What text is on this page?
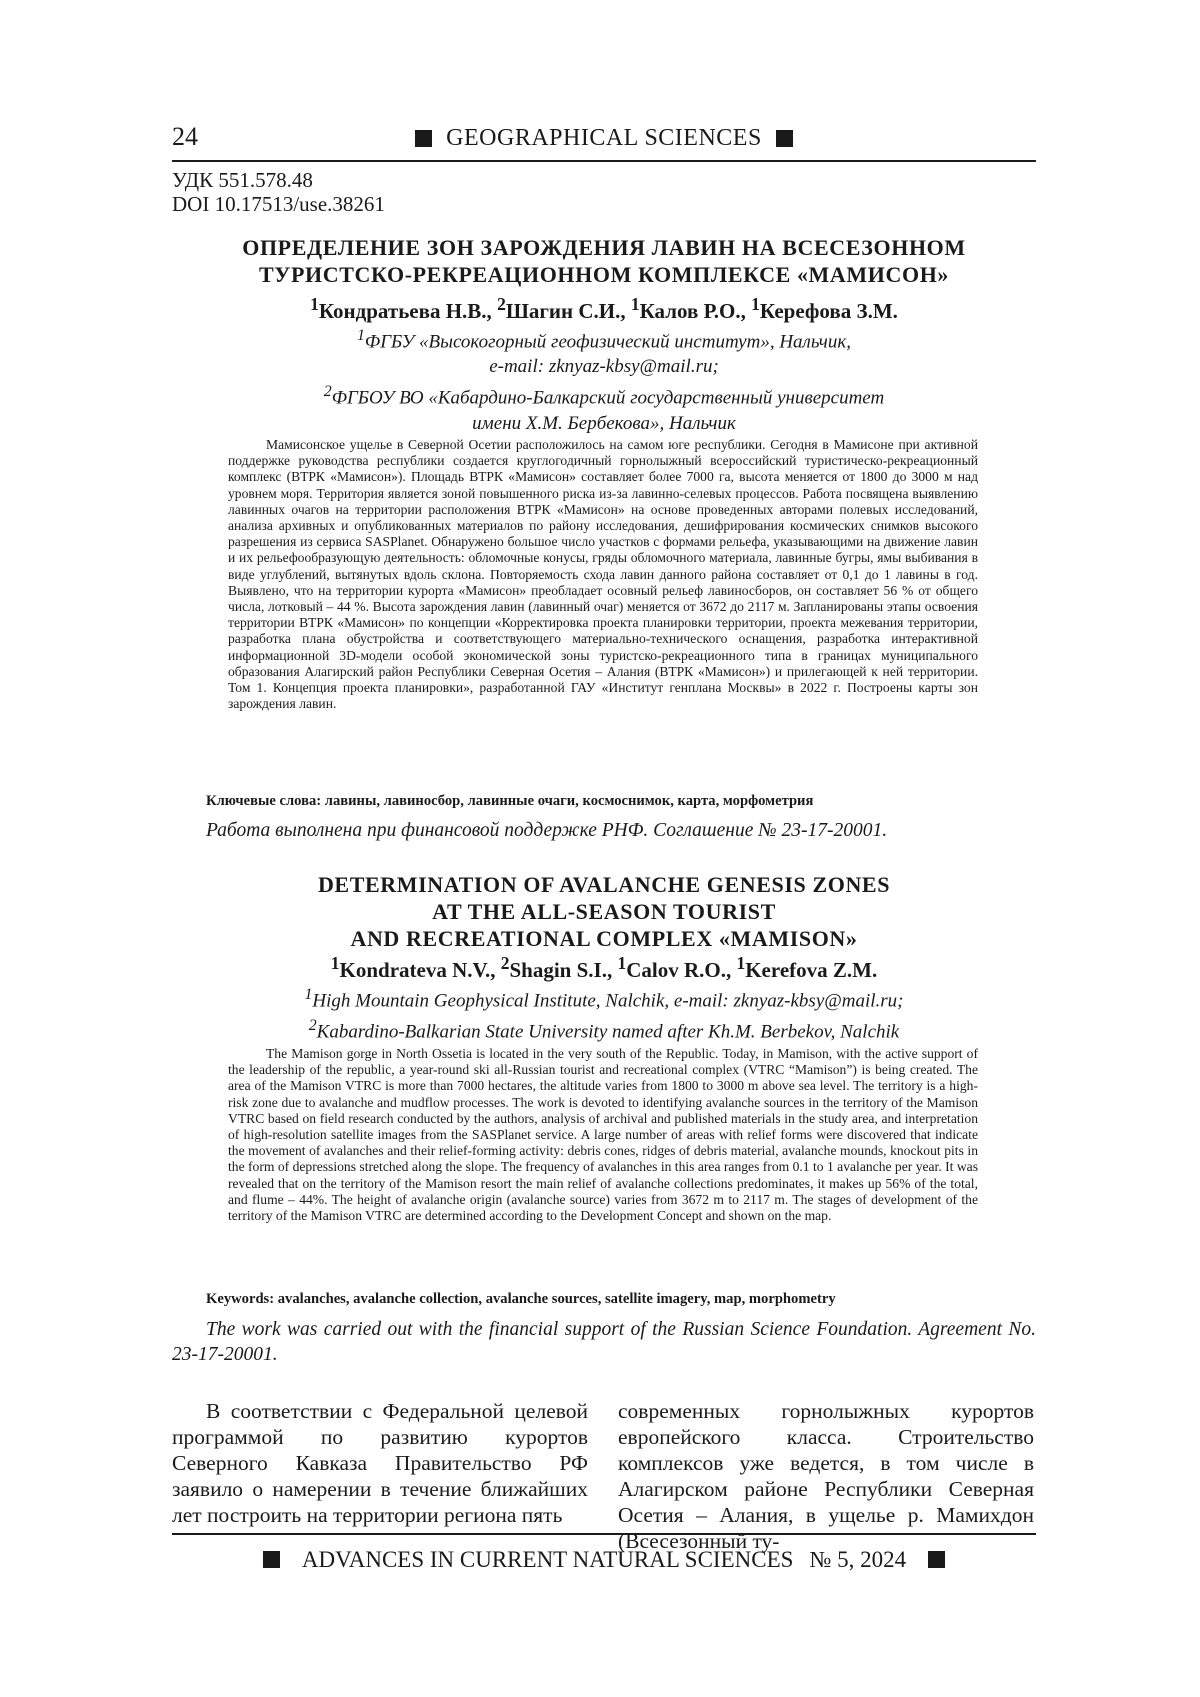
24	GEOGRAPHICAL SCIENCES
УДК 551.578.48
DOI 10.17513/use.38261
ОПРЕДЕЛЕНИЕ ЗОН ЗАРОЖДЕНИЯ ЛАВИН НА ВСЕСЕЗОННОМ
ТУРИСТСКО-РЕКРЕАЦИОННОМ КОМПЛЕКСЕ «МАМИСОН»
1Кондратьева Н.В., 2Шагин С.И., 1Калов Р.О., 1Керефова З.М.
1ФГБУ «Высокогорный геофизический институт», Нальчик,
e-mail: zknyaz-kbsy@mail.ru;
2ФГБОУ ВО «Кабардино-Балкарский государственный университет
имени Х.М. Бербекова», Нальчик

Мамисонское ущелье в Северной Осетии расположилось на самом юге республики. Сегодня в Мамисоне при активной поддержке руководства республики создается круглогодичный горнолыжный всероссийский туристическо-рекреационный комплекс (ВТРК «Мамисон»). Площадь ВТРК «Мамисон» составляет более 7000 га, высота меняется от 1800 до 3000 м над уровнем моря. Территория является зоной повышенного риска из-за лавинно-селевых процессов. Работа посвящена выявлению лавинных очагов на территории расположения ВТРК «Мамисон» на основе проведенных авторами полевых исследований, анализа архивных и опубликованных материалов по району исследования, дешифрирования космических снимков высокого разрешения из сервиса SASPlanet. Обнаружено большое число участков с формами рельефа, указывающими на движение лавин и их рельефообразующую деятельность: обломочные конусы, гряды обломочного материала, лавинные бугры, ямы выбивания в виде углублений, вытянутых вдоль склона. Повторяемость схода лавин данного района составляет от 0,1 до 1 лавины в год. Выявлено, что на территории курорта «Мамисон» преобладает осовный рельеф лавиносборов, он составляет 56 % от общего числа, лотковый – 44 %. Высота зарождения лавин (лавинный очаг) меняется от 3672 до 2117 м. Запланированы этапы освоения территории ВТРК «Мамисон» по концепции «Корректировка проекта планировки территории, проекта межевания территории, разработка плана обустройства и соответствующего материально-технического оснащения, разработка интерактивной информационной 3D-модели особой экономической зоны туристско-рекреационного типа в границах муниципального образования Алагирский район Республики Северная Осетия – Алания (ВТРК «Мамисон») и прилегающей к ней территории. Том 1. Концепция проекта планировки», разработанной ГАУ «Институт генплана Москвы» в 2022 г. Построены карты зон зарождения лавин.

Ключевые слова: лавины, лавиносбор, лавинные очаги, космоснимок, карта, морфометрия

Работа выполнена при финансовой поддержке РНФ. Соглашение № 23-17-20001.

DETERMINATION OF AVALANCHE GENESIS ZONES
AT THE ALL-SEASON TOURIST
AND RECREATIONAL COMPLEX «MAMISON»
1Kondrateva N.V., 2Shagin S.I., 1Calov R.O., 1Kerefova Z.M.
1High Mountain Geophysical Institute, Nalchik, e-mail: zknyaz-kbsy@mail.ru;
2Kabardino-Balkarian State University named after Kh.M. Berbekov, Nalchik

The Mamison gorge in North Ossetia is located in the very south of the Republic. Today, in Mamison, with the active support of the leadership of the republic, a year-round ski all-Russian tourist and recreational complex (VTRC “Mamison”) is being created. The area of the Mamison VTRC is more than 7000 hectares, the altitude varies from 1800 to 3000 m above sea level. The territory is a high-risk zone due to avalanche and mudflow processes. The work is devoted to identifying avalanche sources in the territory of the Mamison VTRC based on field research conducted by the authors, analysis of archival and published materials in the study area, and interpretation of high-resolution satellite images from the SASPlanet service. A large number of areas with relief forms were discovered that indicate the movement of avalanches and their relief-forming activity: debris cones, ridges of debris material, avalanche mounds, knockout pits in the form of depressions stretched along the slope. The frequency of avalanches in this area ranges from 0.1 to 1 avalanche per year. It was revealed that on the territory of the Mamison resort the main relief of avalanche collections predominates, it makes up 56% of the total, and flume – 44%. The height of avalanche origin (avalanche source) varies from 3672 m to 2117 m. The stages of development of the territory of the Mamison VTRC are determined according to the Development Concept and shown on the map.

Keywords: avalanches, avalanche collection, avalanche sources, satellite imagery, map, morphometry

The work was carried out with the financial support of the Russian Science Foundation. Agreement No. 23-17-20001.

В соответствии с Федеральной целевой программой по развитию курортов Северного Кавказа Правительство РФ заявило о намерении в течение ближайших лет построить на территории региона пять

современных горнолыжных курортов европейского класса. Строительство комплексов уже ведется, в том числе в Алагирском районе Республики Северная Осетия – Алания, в ущелье р. Мамихдон (Всесезонный ту-

ADVANCES IN CURRENT NATURAL SCIENCES № 5, 2024
